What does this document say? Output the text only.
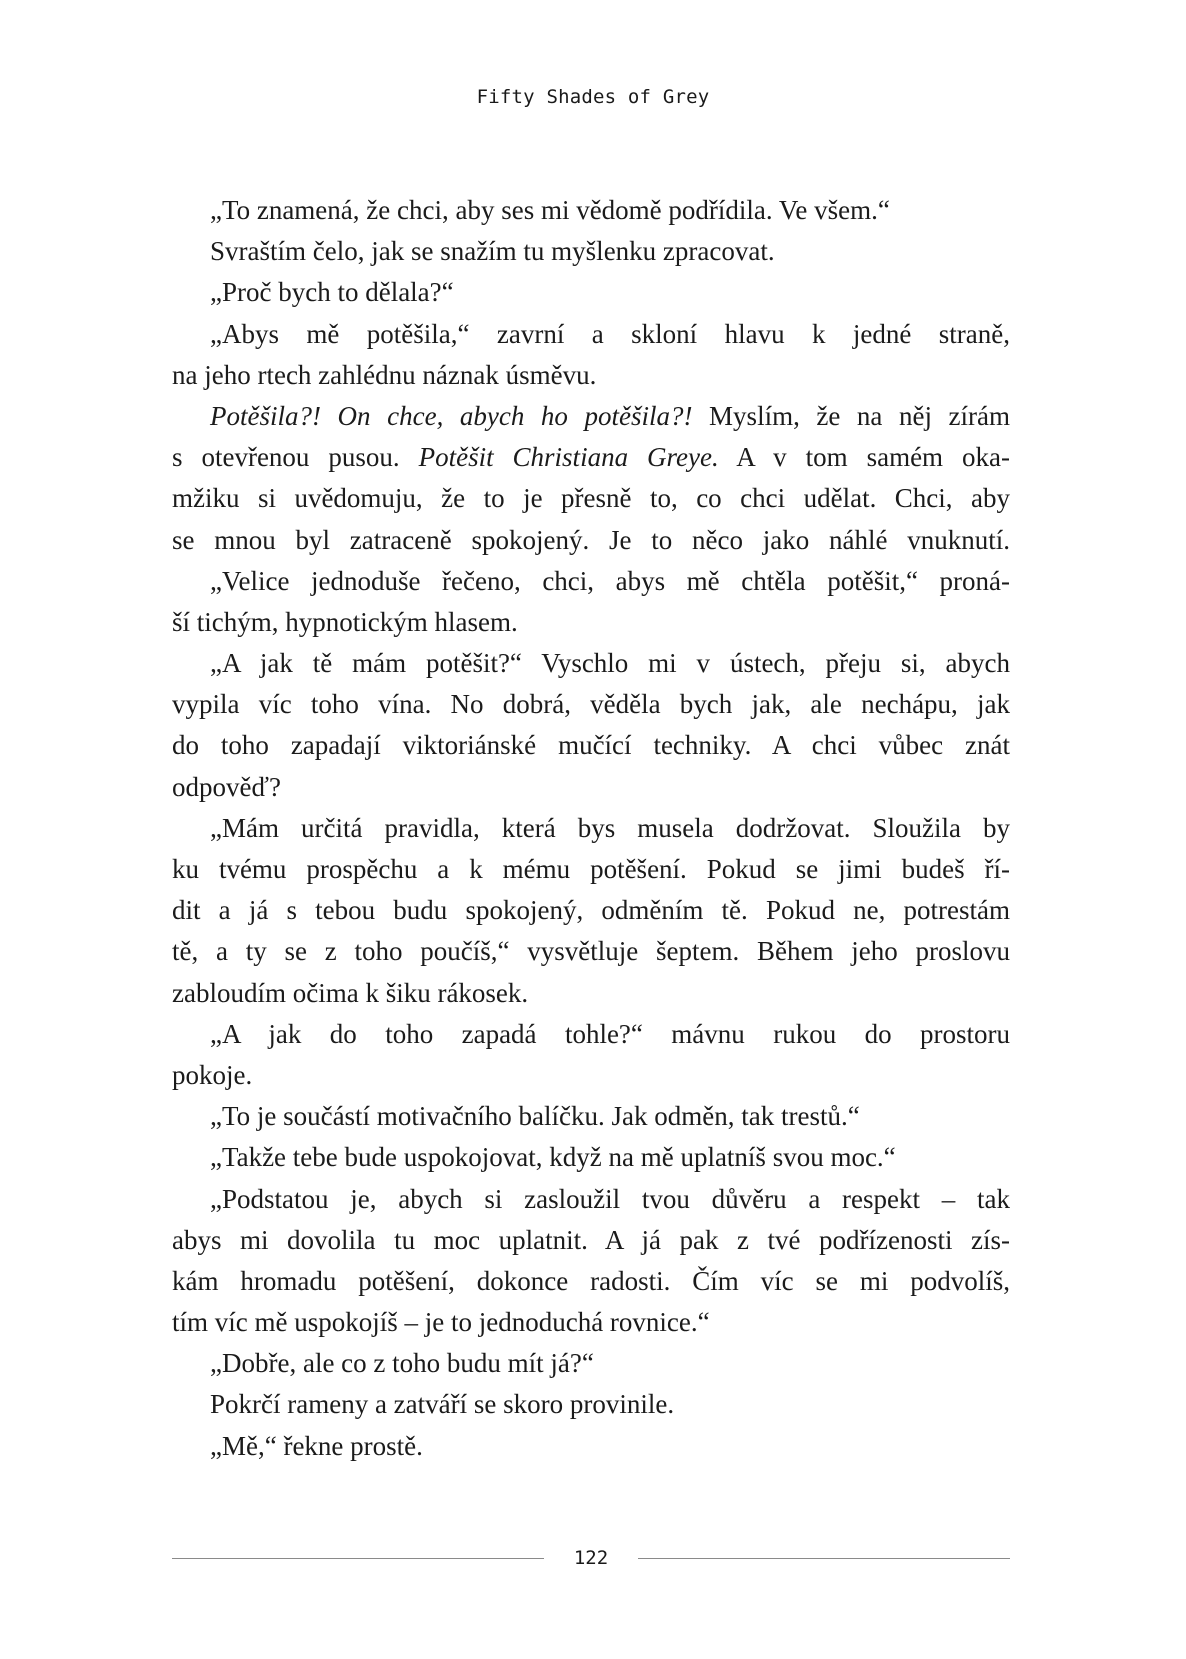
Fifty Shades of Grey
„To znamená, že chci, aby ses mi vědomě podřídila. Ve všem.“
Svraštím čelo, jak se snažím tu myšlenku zpracovat.
„Proč bych to dělala?“
„Abys mě potěšila,“ zavrní a skloní hlavu k jedné straně,
na jeho rtech zahlédnu náznak úsměvu.
Potěšila?! On chce, abych ho potěšila?! Myslím, že na něj zírám
s otevřenou pusou. Potěšit Christiana Greye. A v tom samém oka-
mžiku si uvědomuju, že to je přesně to, co chci udělat. Chci, aby
se mnou byl zatraceně spokojený. Je to něco jako náhlé vnuknutí.
„Velice jednoduše řečeno, chci, abys mě chtěla potěšit,“ proná-
ší tichým, hypnotickým hlasem.
„A jak tě mám potěšit?“ Vyschlo mi v ústech, přeju si, abych
vypila víc toho vína. No dobrá, věděla bych jak, ale nechápu, jak
do toho zapadají viktoriánské mučící techniky. A chci vůbec znát
odpověď?
„Mám určitá pravidla, která bys musela dodržovat. Sloužila by
ku tvému prospěchu a k mému potěšení. Pokud se jimi budeš ří-
dit a já s tebou budu spokojený, odměním tě. Pokud ne, potrestám
tě, a ty se z toho poučíš,“ vysvětluje šeptem. Během jeho proslovu
zabloudím očima k šiku rákosek.
„A jak do toho zapadá tohle?“ mávnu rukou do prostoru
pokoje.
„To je součástí motivačního balíčku. Jak odměn, tak trestů.“
„Takže tebe bude uspokojovat, když na mě uplatníš svou moc.“
„Podstatou je, abych si zasloužil tvou důvěru a respekt – tak
abys mi dovolila tu moc uplatnit. A já pak z tvé podřízenosti zís-
kám hromadu potěšení, dokonce radosti. Čím víc se mi podvolíš,
tím víc mě uspokojíš – je to jednoduchá rovnice.“
„Dobře, ale co z toho budu mít já?“
Pokrčí rameny a zatváří se skoro provinile.
„Mě,“ řekne prostě.
122
